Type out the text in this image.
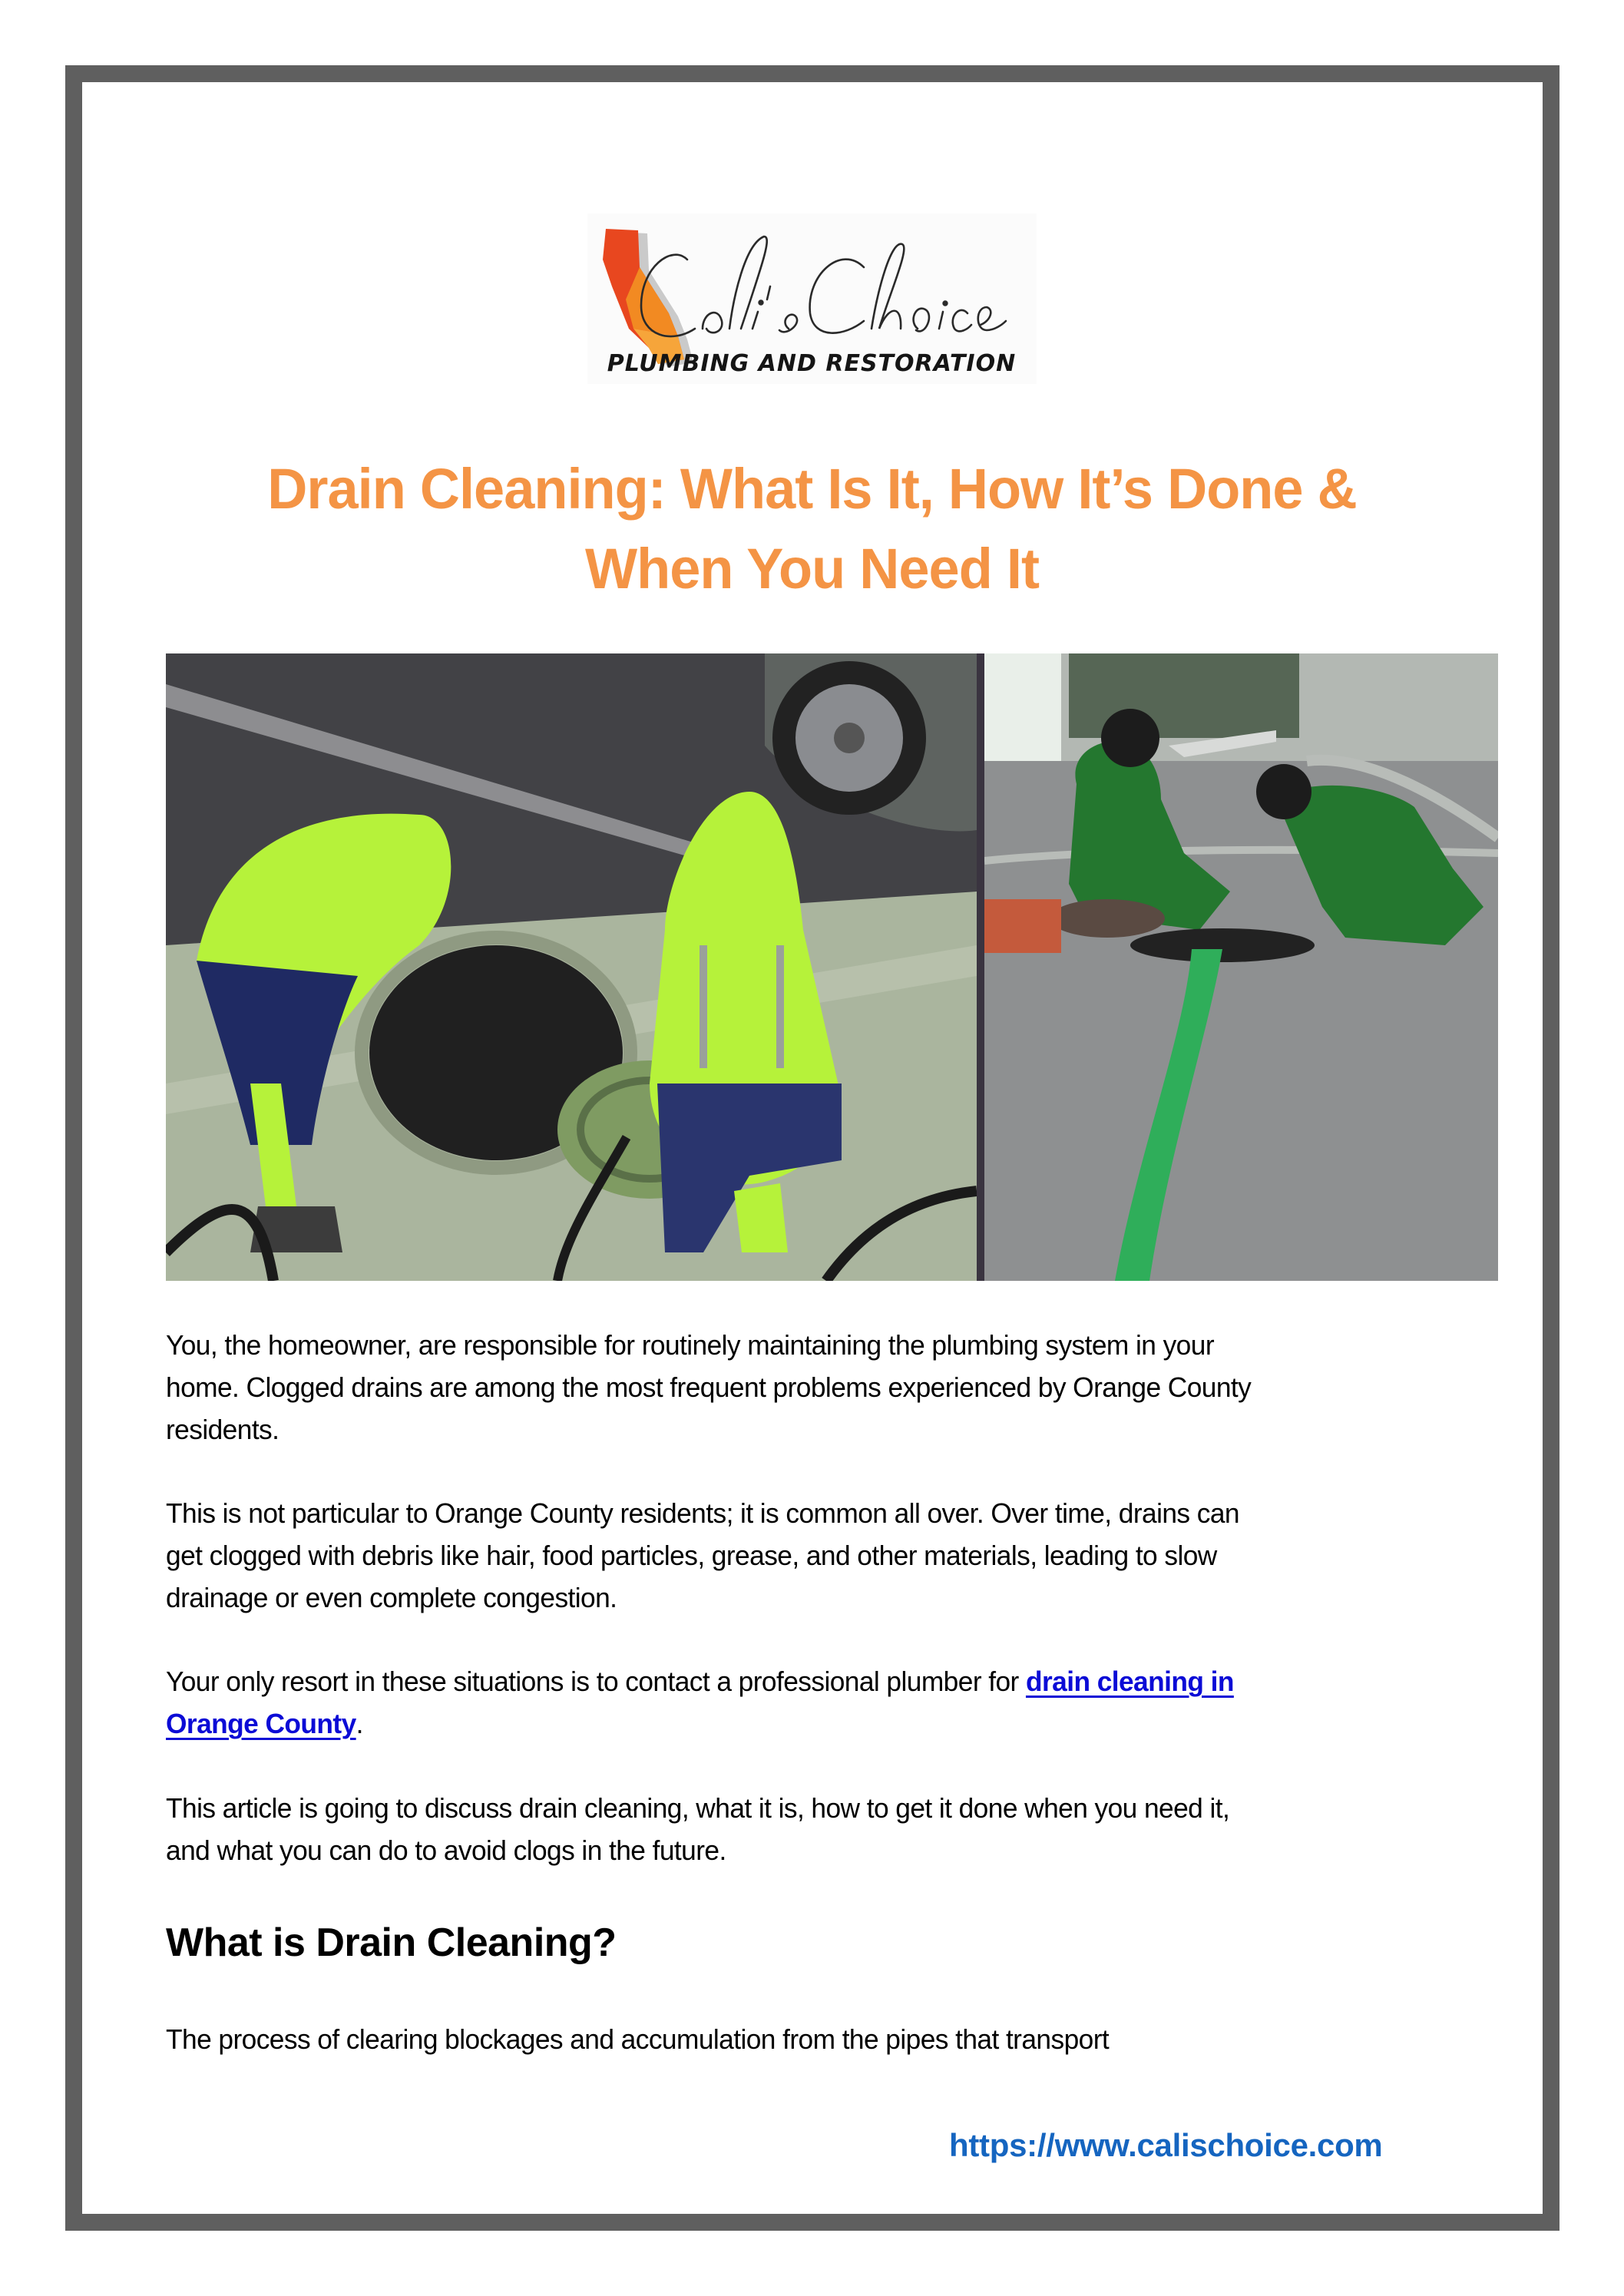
PLUMBING AND RESTORATION
Drain Cleaning: What Is It, How It’s Done &
When You Need It
You, the homeowner, are responsible for routinely maintaining the plumbing system in your
home. Clogged drains are among the most frequent problems experienced by Orange County
residents.
This is not particular to Orange County residents; it is common all over. Over time, drains can
get clogged with debris like hair, food particles, grease, and other materials, leading to slow
drainage or even complete congestion.
Your only resort in these situations is to contact a professional plumber for drain cleaning in
Orange County.
This article is going to discuss drain cleaning, what it is, how to get it done when you need it,
and what you can do to avoid clogs in the future.
What is Drain Cleaning?
The process of clearing blockages and accumulation from the pipes that transport
https://www.calischoice.com
